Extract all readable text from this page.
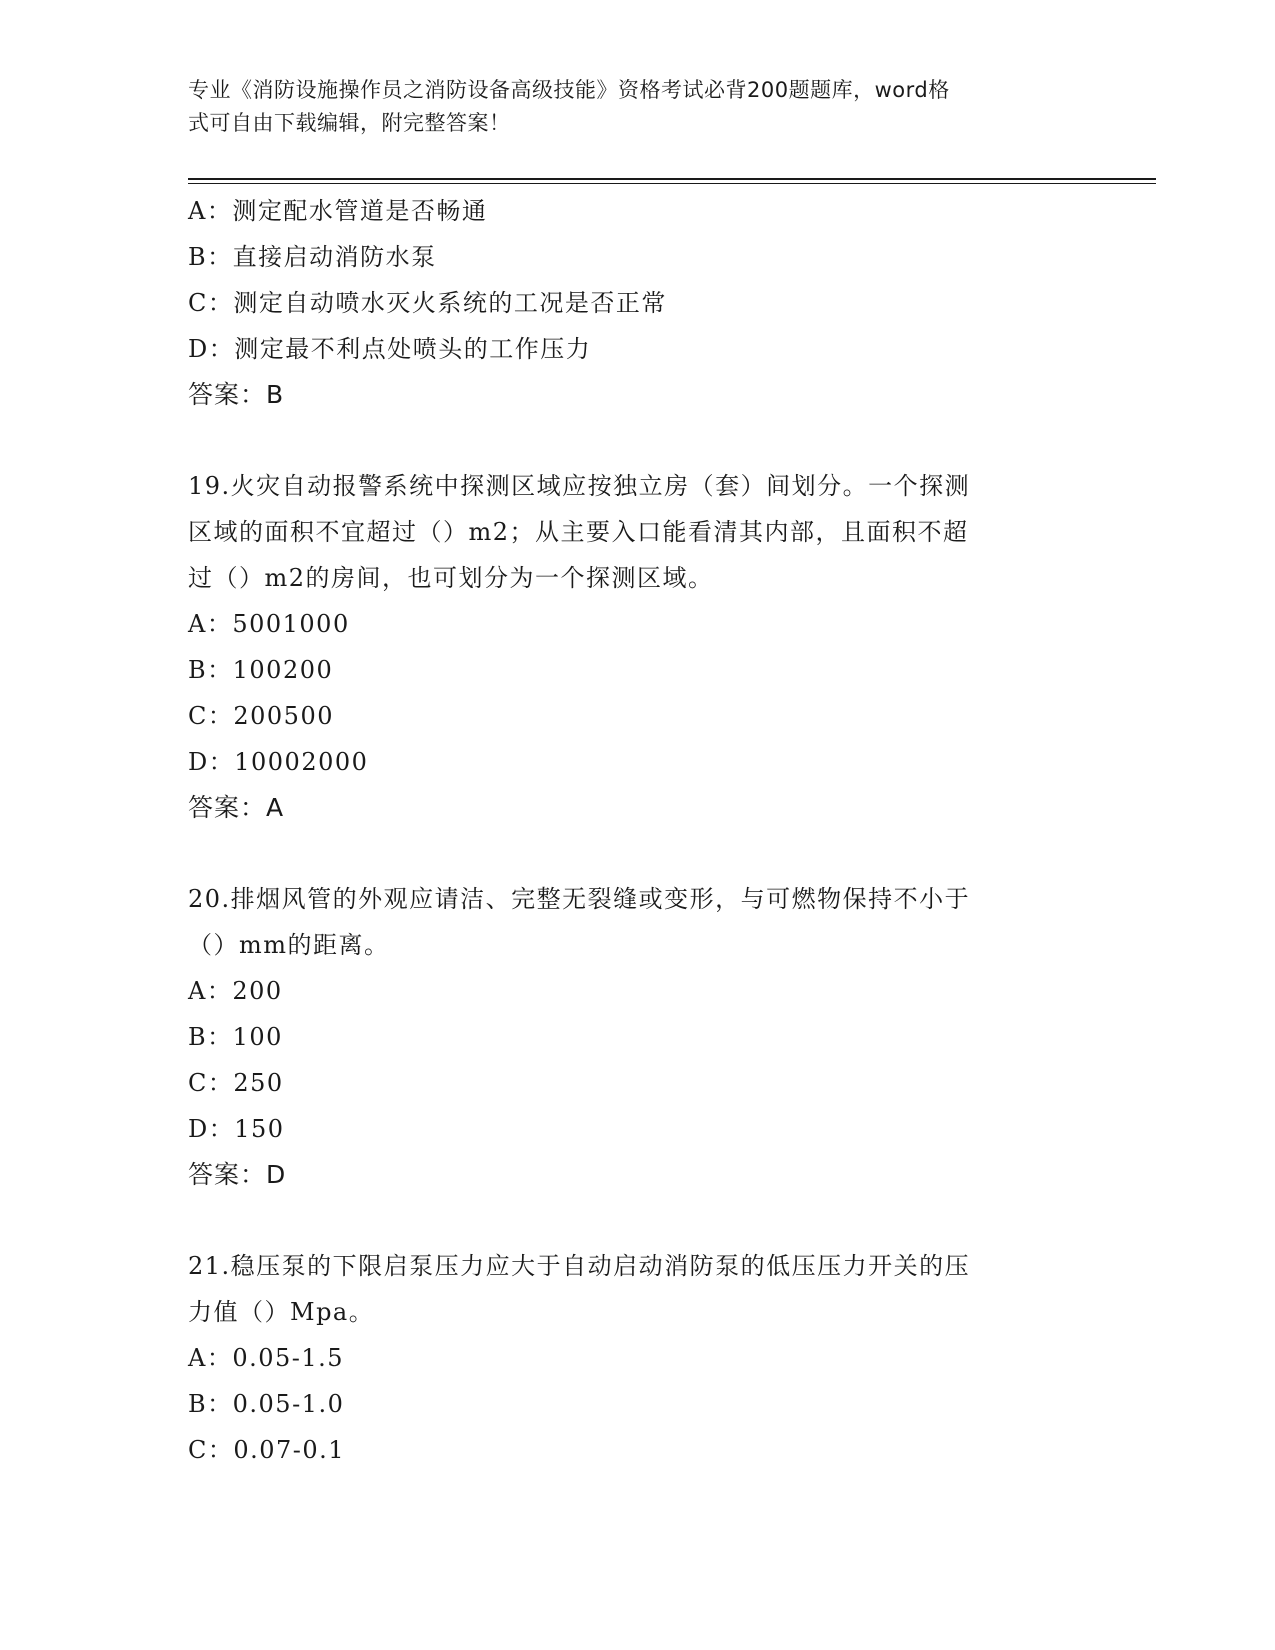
专业《消防设施操作员之消防设备高级技能》资格考试必背200题题库，word格
式可自由下载编辑，附完整答案！
A：测定配水管道是否畅通
B：直接启动消防水泵
C：测定自动喷水灭火系统的工况是否正常
D：测定最不利点处喷头的工作压力
答案：B
19.火灾自动报警系统中探测区域应按独立房（套）间划分。一个探测
区域的面积不宜超过（）m2；从主要入口能看清其内部，且面积不超
过（）m2的房间，也可划分为一个探测区域。
A：5001000
B：100200
C：200500
D：10002000
答案：A
20.排烟风管的外观应请洁、完整无裂缝或变形，与可燃物保持不小于
（）mm的距离。
A：200
B：100
C：250
D：150
答案：D
21.稳压泵的下限启泵压力应大于自动启动消防泵的低压压力开关的压
力值（）Mpa。
A：0.05-1.5
B：0.05-1.0
C：0.07-0.1
